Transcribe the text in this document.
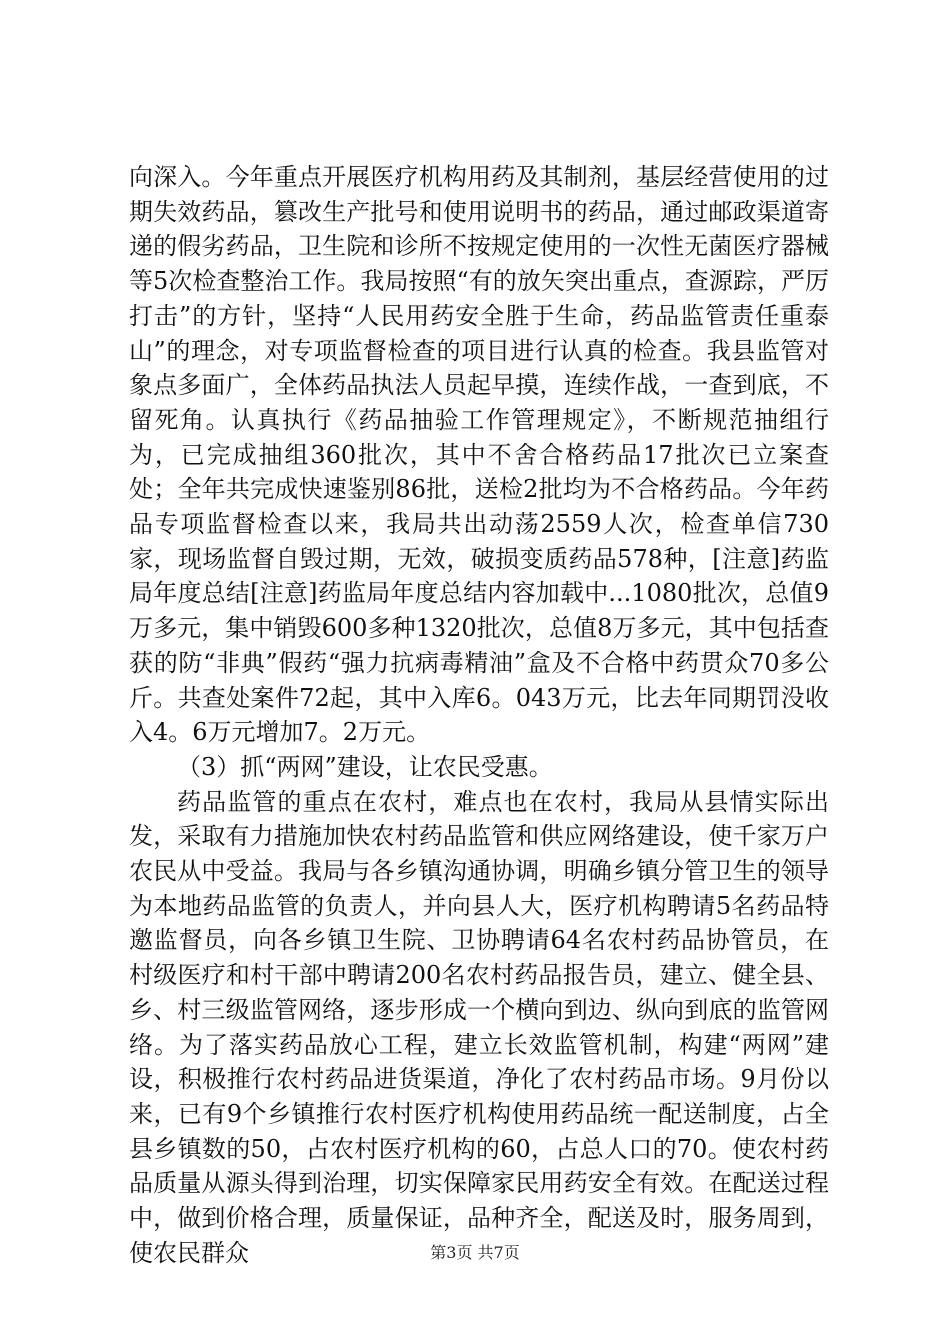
向深入。今年重点开展医疗机构用药及其制剂，基层经营使用的过期失效药品，篡改生产批号和使用说明书的药品，通过邮政渠道寄递的假劣药品，卫生院和诊所不按规定使用的一次性无菌医疗器械等5次检查整治工作。我局按照“有的放矢突出重点，查源踪，严厉打击”的方针，坚持“人民用药安全胜于生命，药品监管责任重泰山”的理念，对专项监督检查的项目进行认真的检查。我县监管对象点多面广，全体药品执法人员起早摸，连续作战，一查到底，不留死角。认真执行《药品抽验工作管理规定》，不断规范抽组行为，已完成抽组360批次，其中不舍合格药品17批次已立案查处；全年共完成快速鉴别86批，送检2批均为不合格药品。今年药品专项监督检查以来，我局共出动荡2559人次，检查单信730家，现场监督自毁过期，无效，破损变质药品578种，[注意]药监局年度总结[注意]药监局年度总结内容加载中...1080批次，总值9万多元，集中销毁600多种1320批次，总值8万多元，其中包括查获的防“非典”假药“强力抗病毒精油”盒及不合格中药贯众70多公斤。共查处案件72起，其中入库6。043万元，比去年同期罚没收入4。6万元增加7。2万元。

（3）抓“两网”建设，让农民受惠。

药品监管的重点在农村，难点也在农村，我局从县情实际出发，采取有力措施加快农村药品监管和供应网络建设，使千家万户农民从中受益。我局与各乡镇沟通协调，明确乡镇分管卫生的领导为本地药品监管的负责人，并向县人大，医疗机构聘请5名药品特邀监督员，向各乡镇卫生院、卫协聘请64名农村药品协管员，在村级医疗和村干部中聘请200名农村药品报告员，建立、健全县、乡、村三级监管网络，逐步形成一个横向到边、纵向到底的监管网络。为了落实药品放心工程，建立长效监管机制，构建“两网”建设，积极推行农村药品进货渠道，净化了农村药品市场。9月份以来，已有9个乡镇推行农村医疗机构使用药品统一配送制度，占全县乡镇数的50，占农村医疗机构的60，占总人口的70。使农村药品质量从源头得到治理，切实保障家民用药安全有效。在配送过程中，做到价格合理，质量保证，品种齐全，配送及时，服务周到，使农民群众	第3页 共7页
